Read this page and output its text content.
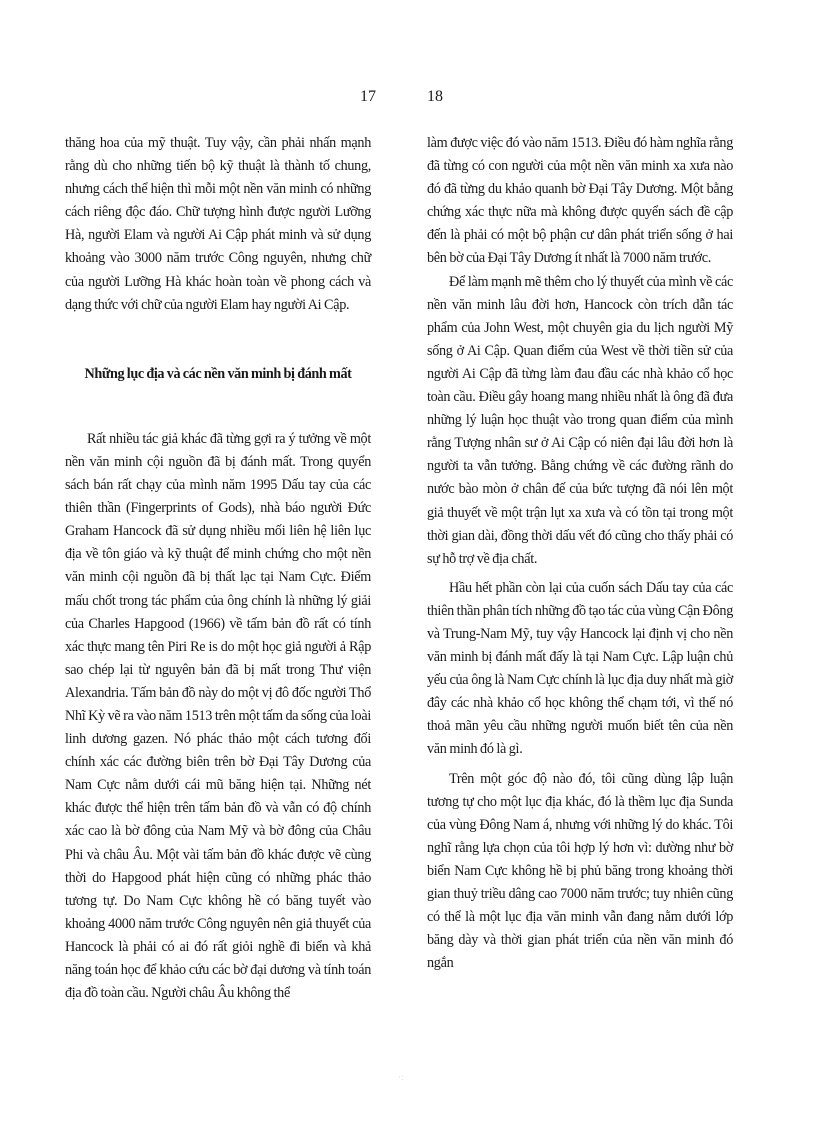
17	18

thăng hoa của mỹ thuật. Tuy vậy, cần phải nhấn mạnh rằng dù cho những tiến bộ kỹ thuật là thành tố chung, nhưng cách thể hiện thì mỗi một nền văn minh có những cách riêng độc đáo. Chữ tượng hình được người Lưỡng Hà, người Elam và người Ai Cập phát minh và sử dụng khoảng vào 3000 năm trước Công nguyên, nhưng chữ của người Lưỡng Hà khác hoàn toàn về phong cách và dạng thức với chữ của người Elam hay người Ai Cập.

Những lục địa và các nền văn minh bị đánh mất

Rất nhiều tác giả khác đã từng gợi ra ý tưởng về một nền văn minh cội nguồn đã bị đánh mất. Trong quyển sách bán rất chạy của mình năm 1995 Dấu tay của các thiên thần (Fingerprints of Gods), nhà báo người Đức Graham Hancock đã sử dụng nhiều mối liên hệ liên lục địa về tôn giáo và kỹ thuật để minh chứng cho một nền văn minh cội nguồn đã bị thất lạc tại Nam Cực. Điểm mấu chốt trong tác phẩm của ông chính là những lý giải của Charles Hapgood (1966) về tấm bản đồ rất có tính xác thực mang tên Piri Re is do một học giả người ả Rập sao chép lại từ nguyên bản đã bị mất trong Thư viện Alexandria. Tấm bản đồ này do một vị đô đốc người Thổ Nhĩ Kỳ vẽ ra vào năm 1513 trên một tấm da sống của loài linh dương gazen. Nó phác thảo một cách tương đối chính xác các đường biên trên bờ Đại Tây Dương của Nam Cực nằm dưới cái mũ băng hiện tại. Những nét khác được thể hiện trên tấm bản đồ và vẫn có độ chính xác cao là bờ đông của Nam Mỹ và bờ đông của Châu Phi và châu Âu. Một vài tấm bản đồ khác được vẽ cùng thời do Hapgood phát hiện cũng có những phác thảo tương tự. Do Nam Cực không hề có băng tuyết vào khoảng 4000 năm trước Công nguyên nên giả thuyết của Hancock là phải có ai đó rất giỏi nghề đi biển và khả năng toán học để khảo cứu các bờ đại dương và tính toán địa đồ toàn cầu. Người châu Âu không thể

làm được việc đó vào năm 1513. Điều đó hàm nghĩa rằng đã từng có con người của một nền văn minh xa xưa nào đó đã từng du khảo quanh bờ Đại Tây Dương. Một bằng chứng xác thực nữa mà không được quyển sách đề cập đến là phải có một bộ phận cư dân phát triển sống ở hai bên bờ của Đại Tây Dương ít nhất là 7000 năm trước.

Để làm mạnh mẽ thêm cho lý thuyết của mình về các nền văn minh lâu đời hơn, Hancock còn trích dẫn tác phẩm của John West, một chuyên gia du lịch người Mỹ sống ở Ai Cập. Quan điểm của West về thời tiền sử của người Ai Cập đã từng làm đau đầu các nhà khảo cổ học toàn cầu. Điều gây hoang mang nhiều nhất là ông đã đưa những lý luận học thuật vào trong quan điểm của mình rằng Tượng nhân sư ở Ai Cập có niên đại lâu đời hơn là người ta vẫn tưởng. Bằng chứng về các đường rãnh do nước bào mòn ở chân đế của bức tượng đã nói lên một giả thuyết về một trận lụt xa xưa và có tồn tại trong một thời gian dài, đồng thời dấu vết đó cũng cho thấy phải có sự hỗ trợ về địa chất.

Hầu hết phần còn lại của cuốn sách Dấu tay của các thiên thần phân tích những đồ tạo tác của vùng Cận Đông và Trung-Nam Mỹ, tuy vậy Hancock lại định vị cho nền văn minh bị đánh mất đấy là tại Nam Cực. Lập luận chủ yếu của ông là Nam Cực chính là lục địa duy nhất mà giờ đây các nhà khảo cổ học không thể chạm tới, vì thế nó thoả mãn yêu cầu những người muốn biết tên của nền văn minh đó là gì.

Trên một góc độ nào đó, tôi cũng dùng lập luận tương tự cho một lục địa khác, đó là thềm lục địa Sunda của vùng Đông Nam á, nhưng với những lý do khác. Tôi nghĩ rằng lựa chọn của tôi hợp lý hơn vì: dường như bờ biển Nam Cực không hề bị phủ băng trong khoảng thời gian thuỷ triều dâng cao 7000 năm trước; tuy nhiên cũng có thể là một lục địa văn minh vẫn đang nằm dưới lớp băng dày và thời gian phát triển của nền văn minh đó ngắn

·:
